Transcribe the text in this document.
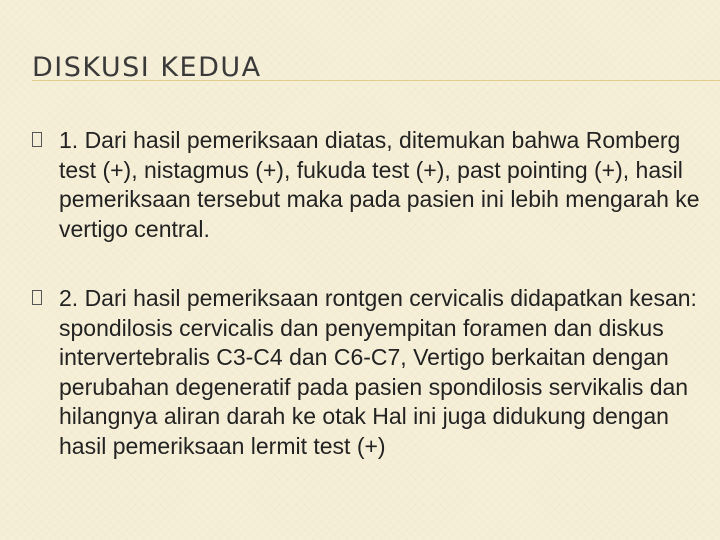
DISKUSI KEDUA
1. Dari hasil pemeriksaan diatas, ditemukan bahwa Romberg test (+), nistagmus (+), fukuda test (+), past pointing (+), hasil pemeriksaan tersebut maka pada pasien ini lebih mengarah ke vertigo central.
2. Dari hasil pemeriksaan rontgen cervicalis didapatkan kesan: spondilosis cervicalis dan penyempitan foramen dan diskus intervertebralis C3-C4 dan C6-C7, Vertigo berkaitan dengan perubahan degeneratif pada pasien spondilosis servikalis dan hilangnya aliran darah ke otak Hal ini juga didukung dengan hasil pemeriksaan lermit test (+)
